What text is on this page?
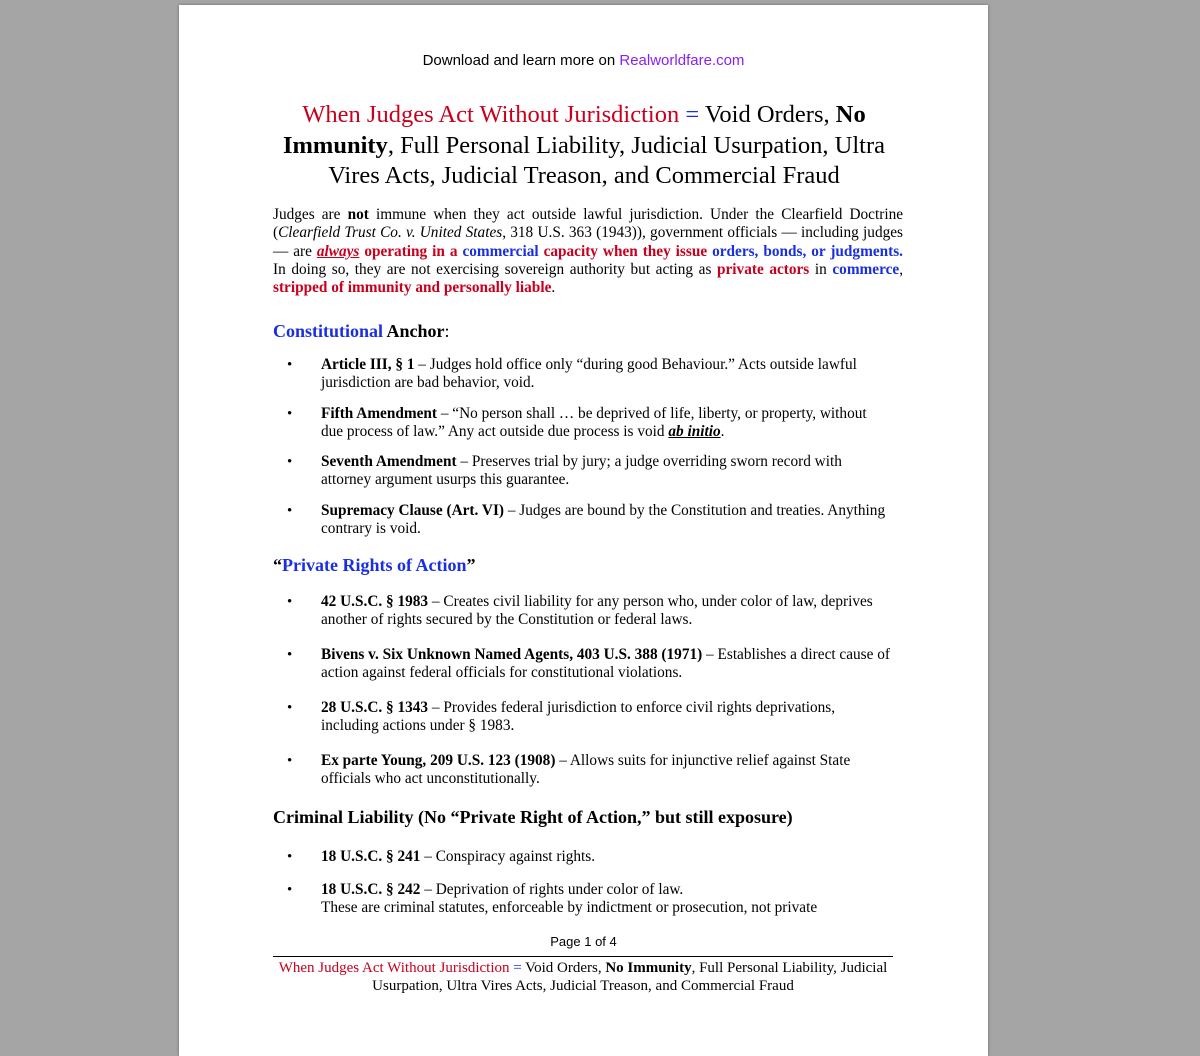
Download and learn more on Realworldfare.com
When Judges Act Without Jurisdiction = Void Orders, No Immunity, Full Personal Liability, Judicial Usurpation, Ultra Vires Acts, Judicial Treason, and Commercial Fraud
Judges are not immune when they act outside lawful jurisdiction. Under the Clearfield Doctrine (Clearfield Trust Co. v. United States, 318 U.S. 363 (1943)), government officials — including judges — are always operating in a commercial capacity when they issue orders, bonds, or judgments. In doing so, they are not exercising sovereign authority but acting as private actors in commerce, stripped of immunity and personally liable.
Constitutional Anchor:
• Article III, § 1 – Judges hold office only “during good Behaviour.” Acts outside lawful jurisdiction are bad behavior, void.
• Fifth Amendment – “No person shall … be deprived of life, liberty, or property, without due process of law.” Any act outside due process is void ab initio.
• Seventh Amendment – Preserves trial by jury; a judge overriding sworn record with attorney argument usurps this guarantee.
• Supremacy Clause (Art. VI) – Judges are bound by the Constitution and treaties. Anything contrary is void.
“Private Rights of Action”
• 42 U.S.C. § 1983 – Creates civil liability for any person who, under color of law, deprives another of rights secured by the Constitution or federal laws.
• Bivens v. Six Unknown Named Agents, 403 U.S. 388 (1971) – Establishes a direct cause of action against federal officials for constitutional violations.
• 28 U.S.C. § 1343 – Provides federal jurisdiction to enforce civil rights deprivations, including actions under § 1983.
• Ex parte Young, 209 U.S. 123 (1908) – Allows suits for injunctive relief against State officials who act unconstitutionally.
Criminal Liability (No “Private Right of Action,” but still exposure)
• 18 U.S.C. § 241 – Conspiracy against rights.
• 18 U.S.C. § 242 – Deprivation of rights under color of law.
These are criminal statutes, enforceable by indictment or prosecution, not private
Page 1 of 4
When Judges Act Without Jurisdiction = Void Orders, No Immunity, Full Personal Liability, Judicial Usurpation, Ultra Vires Acts, Judicial Treason, and Commercial Fraud
